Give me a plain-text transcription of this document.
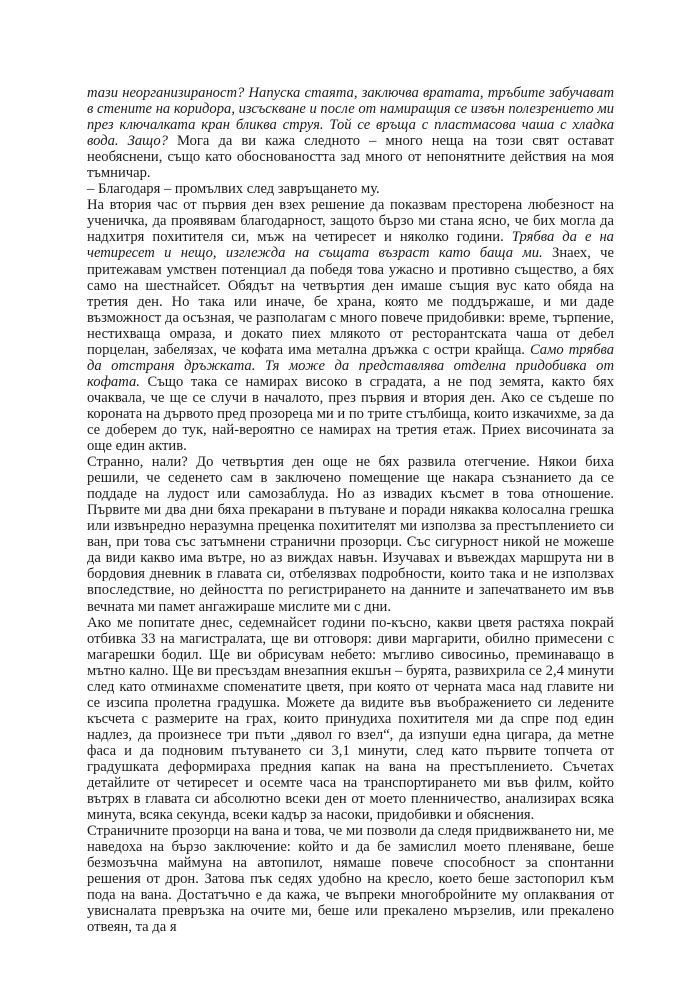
тази неорганизираност? Напуска стаята, заключва вратата, тръбите забучават в стените на коридора, изсъскване и после от намиращия се извън полезрението ми през ключалката кран бликва струя. Той се връща с пластмасова чаша с хладка вода. Защо? Мога да ви кажа следното – много неща на този свят остават необяснени, също като обосноваността зад много от непонятните действия на моя тъмничар.

– Благодаря – промълвих след завръщането му.

На втория час от първия ден взех решение да показвам престорена любезност на ученичка, да проявявам благодарност, защото бързо ми стана ясно, че бих могла да надхитря похитителя си, мъж на четиресет и няколко години. Трябва да е на четиресет и нещо, изглежда на същата възраст като баща ми. Знаех, че притежавам умствен потенциал да победя това ужасно и противно същество, а бях само на шестнайсет. Обядът на четвъртия ден имаше същия вус като обяда на третия ден. Но така или иначе, бе храна, която ме поддържаше, и ми даде възможност да осъзная, че разполагам с много повече придобивки: време, търпение, нестихваща омраза, и докато пиех млякото от ресторантската чаша от дебел порцелан, забелязах, че кофата има метална дръжка с остри крайща. Само трябва да отстраня дръжката. Тя може да представлява отделна придобивка от кофата. Също така се намирах високо в сградата, а не под земята, както бях очаквала, че ще се случи в началото, през първия и втория ден. Ако се съдеше по короната на дървото пред прозореца ми и по трите стълбища, които изкачихме, за да се доберем до тук, най-вероятно се намирах на третия етаж. Приех височината за още един актив.

Странно, нали? До четвъртия ден още не бях развила отегчение. Някои биха решили, че седенето сам в заключено помещение ще накара съзнанието да се поддаде на лудост или самозаблуда. Но аз извадих късмет в това отношение. Първите ми два дни бяха прекарани в пътуване и поради някаква колосална грешка или извънредно неразумна преценка похитителят ми използва за престъплението си ван, при това със затъмнени странични прозорци. Със сигурност никой не можеше да види какво има вътре, но аз виждах навън. Изучавах и въвеждах маршрута ни в бордовия дневник в главата си, отбелязвах подробности, които така и не използвах впоследствие, но дейността по регистрирането на данните и запечатването им във вечната ми памет ангажираше мислите ми с дни.

Ако ме попитате днес, седемнайсет години по-късно, какви цветя растяха покрай отбивка 33 на магистралата, ще ви отговоря: диви маргарити, обилно примесени с магарешки бодил. Ще ви обрисувам небето: мъгливо сивосиньо, преминаващо в мътно кално. Ще ви пресъздам внезапния екшън – бурята, развихрила се 2,4 минути след като отминахме споменатите цветя, при която от черната маса над главите ни се изсипа пролетна градушка. Можете да видите във въображението си ледените късчета с размерите на грах, които принудиха похитителя ми да спре под един надлез, да произнесе три пъти „дявол го взел“, да изпуши една цигара, да метне фаса и да подновим пътуването си 3,1 минути, след като първите топчета от градушката деформираха предния капак на вана на престъплението. Съчетах детайлите от четиресет и осемте часа на транспортирането ми във филм, който вътрях в главата си абсолютно всеки ден от моето пленничество, анализирах всяка минута, всяка секунда, всеки кадър за насоки, придобивки и обяснения.

Страничните прозорци на вана и това, че ми позволи да следя придвижването ни, ме наведоха на бързо заключение: който и да бе замислил моето пленяване, беше безмозъчна маймуна на автопилот, нямаше повече способност за спонтанни решения от дрон. Затова пък седях удобно на кресло, което беше застопорил към пода на вана. Достатъчно е да кажа, че въпреки многобройните му оплаквания от увисналата превръзка на очите ми, беше или прекалено мързелив, или прекалено отвеян, та да я
